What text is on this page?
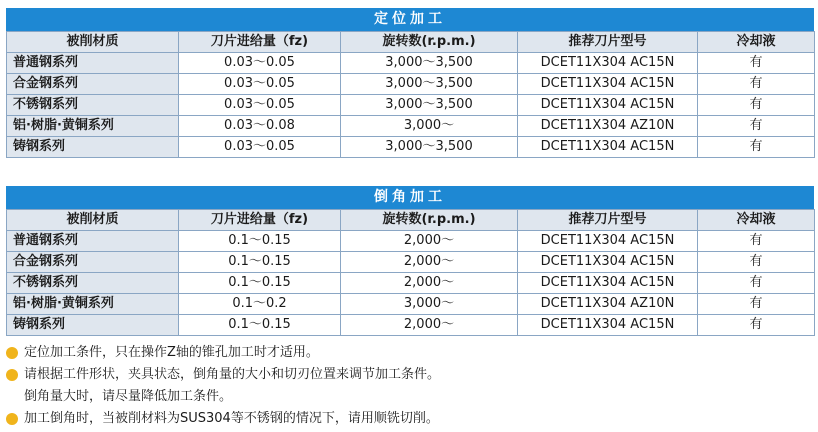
定位加工
被削材质	刀片进给量（fz)	旋转数(r.p.m.)	推荐刀片型号	冷却液
普通钢系列	0.03～0.05	3,000～3,500	DCET11X304 AC15N	有
合金钢系列	0.03～0.05	3,000～3,500	DCET11X304 AC15N	有
不锈钢系列	0.03～0.05	3,000～3,500	DCET11X304 AC15N	有
铝·树脂·黄铜系列	0.03～0.08	3,000～	DCET11X304 AZ10N	有
铸钢系列	0.03～0.05	3,000～3,500	DCET11X304 AC15N	有
倒角加工
被削材质	刀片进给量（fz)	旋转数(r.p.m.)	推荐刀片型号	冷却液
普通钢系列	0.1～0.15	2,000～	DCET11X304 AC15N	有
合金钢系列	0.1～0.15	2,000～	DCET11X304 AC15N	有
不锈钢系列	0.1～0.15	2,000～	DCET11X304 AC15N	有
铝·树脂·黄铜系列	0.1～0.2	3,000～	DCET11X304 AZ10N	有
铸钢系列	0.1～0.15	2,000～	DCET11X304 AC15N	有
定位加工条件，只在操作Z轴的锥孔加工时才适用。
请根据工件形状，夹具状态，倒角量的大小和切刃位置来调节加工条件。
倒角量大时，请尽量降低加工条件。
加工倒角时，当被削材料为SUS304等不锈钢的情况下，请用顺铣切削。
